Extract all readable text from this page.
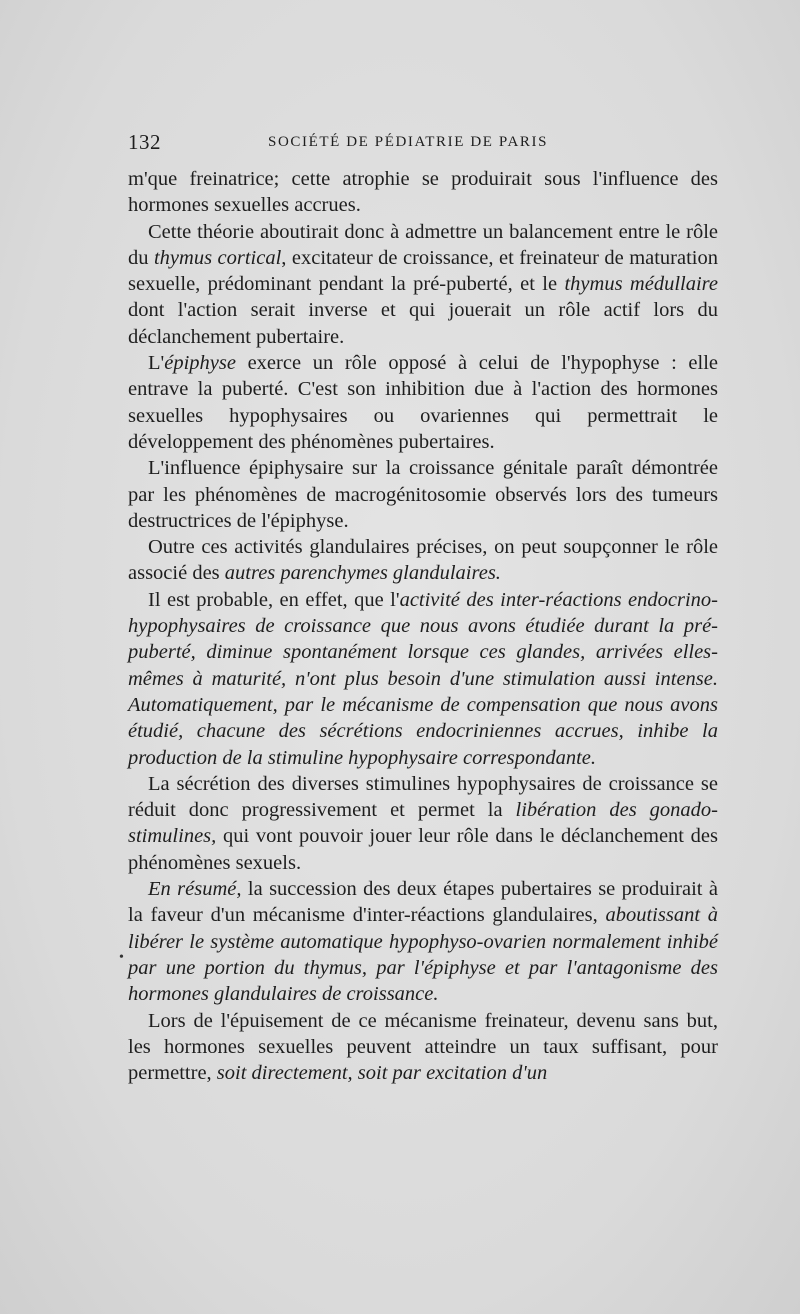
132	SOCIÉTÉ DE PÉDIATRIE DE PARIS

m'que freinatrice; cette atrophie se produirait sous l'influence des hormones sexuelles accrues.

Cette théorie aboutirait donc à admettre un balancement entre le rôle du thymus cortical, excitateur de croissance, et freinateur de maturation sexuelle, prédominant pendant la pré-puberté, et le thymus médullaire dont l'action serait inverse et qui jouerait un rôle actif lors du déclanchement pubertaire.

L'épiphyse exerce un rôle opposé à celui de l'hypophyse : elle entrave la puberté. C'est son inhibition due à l'action des hormones sexuelles hypophysaires ou ovariennes qui permettrait le développement des phénomènes pubertaires.

L'influence épiphysaire sur la croissance génitale paraît démontrée par les phénomènes de macrogénitosomie observés lors des tumeurs destructrices de l'épiphyse.

Outre ces activités glandulaires précises, on peut soupçonner le rôle associé des autres parenchymes glandulaires.

Il est probable, en effet, que l'activité des inter-réactions endocrino-hypophysaires de croissance que nous avons étudiée durant la pré-puberté, diminue spontanément lorsque ces glandes, arrivées elles-mêmes à maturité, n'ont plus besoin d'une stimulation aussi intense. Automatiquement, par le mécanisme de compensation que nous avons étudié, chacune des sécrétions endocriniennes accrues, inhibe la production de la stimuline hypophysaire correspondante.

La sécrétion des diverses stimulines hypophysaires de croissance se réduit donc progressivement et permet la libération des gonado-stimulines, qui vont pouvoir jouer leur rôle dans le déclanchement des phénomènes sexuels.

En résumé, la succession des deux étapes pubertaires se produirait à la faveur d'un mécanisme d'inter-réactions glandulaires, aboutissant à libérer le système automatique hypophyso-ovarien normalement inhibé par une portion du thymus, par l'épiphyse et par l'antagonisme des hormones glandulaires de croissance.

Lors de l'épuisement de ce mécanisme freinateur, devenu sans but, les hormones sexuelles peuvent atteindre un taux suffisant, pour permettre, soit directement, soit par excitation d'un

•
